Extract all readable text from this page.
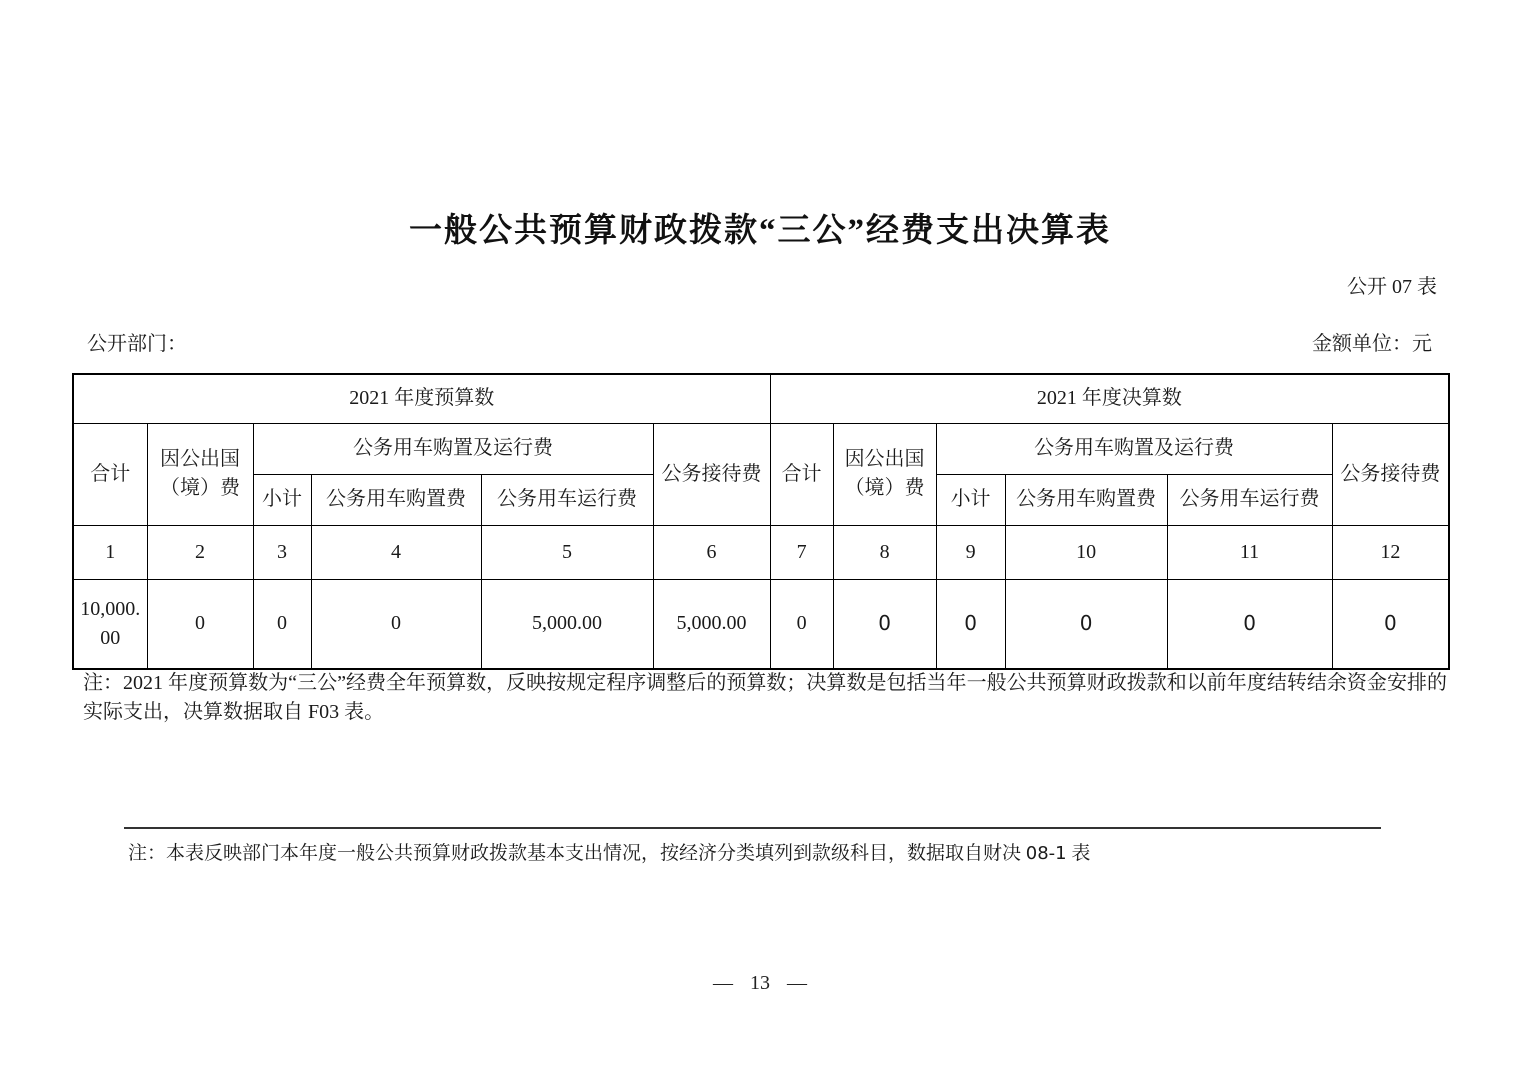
一般公共预算财政拨款“三公”经费支出决算表
公开 07 表
公开部门：	金额单位：元
2021 年度预算数						2021 年度决算数					
合计	因公出国（境）费	公务用车购置及运行费			公务接待费	合计	因公出国（境）费	公务用车购置及运行费			公务接待费
		小计	公务用车购置费	公务用车运行费				小计	公务用车购置费	公务用车运行费	
1	2	3	4	5	6	7	8	9	10	11	12
10,000.00	0	0	0	5,000.00	5,000.00	0	0	0	0	0	0

注：2021 年度预算数为“三公”经费全年预算数，反映按规定程序调整后的预算数；决算数是包括当年一般公共预算财政拨款和以前年度结转结余资金安排的实际支出，决算数据取自 F03 表。

注：本表反映部门本年度一般公共预算财政拨款基本支出情况，按经济分类填列到款级科目，数据取自财决 08-1 表

— 13 —
